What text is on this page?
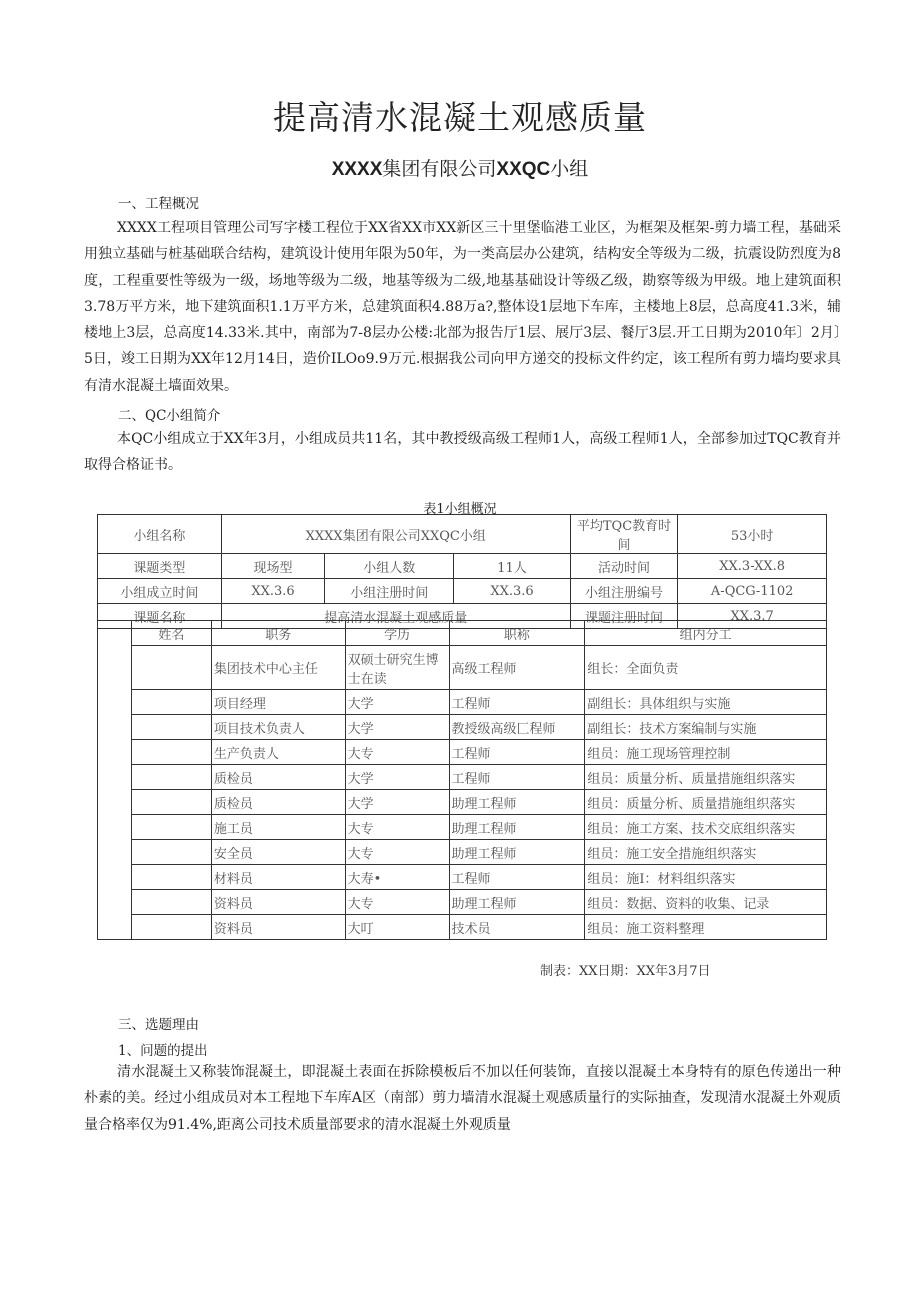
提高清水混凝土观感质量
XXXX集团有限公司XXQC小组
一、工程概况
XXXX工程项目管理公司写字楼工程位于XX省XX市XX新区三十里堡临港工业区，为框架及框架-剪力墙工程，基础采用独立基础与桩基础联合结构，建筑设计使用年限为50年，为一类高层办公建筑，结构安全等级为二级，抗震设防烈度为8度，工程重要性等级为一级，场地等级为二级，地基等级为二级,地基基础设计等级乙级，勘察等级为甲级。地上建筑面积3.78万平方米，地下建筑面积1.1万平方米，总建筑面积4.88万a?,整体设1层地下车库，主楼地上8层，总高度41.3米，辅楼地上3层，总高度14.33米.其中，南部为7-8层办公楼:北部为报告厅1层、展厅3层、餐厅3层.开工日期为2010年〕2月〕5日，竣工日期为XX年12月14日，造价ILOo9.9万元.根据我公司向甲方递交的投标文件约定，该工程所有剪力墙均要求具有清水混凝土墙面效果。
二、QC小组简介
本QC小组成立于XX年3月，小组成员共11名，其中教授级高级工程师1人，高级工程师1人，全部参加过TQC教育并取得合格证书。
表1小组概况
小组名称	XXXX集团有限公司XXQC小组			平均TQC教育时间	53小时
课题类型	现场型	小组人数	11人	活动时间	XX.3-XX.8
小组成立时间	XX.3.6	小组注册时间	XX.3.6	小组注册编号	A-QCG-1102
课题名称	提高清水混凝土观感质量			课题注册时间	XX.3.7
	姓名	职务	学历	职称	组内分工
		集团技术中心主任	双硕士研究生博士在读	高级工程师	组长：全面负责
		项目经理	大学	工程师	副组长：具体组织与实施
		项目技术负责人	大学	教授级高级匚程师	副组长：技术方案编制与实施
		生产负责人	大专	工程师	组员：施工现场管理控制
		质检员	大学	工程师	组员：质量分析、质量措施组织落实
		质检员	大学	助理工程师	组员：质量分析、质量措施组织落实
		施工员	大专	助理工程师	组员：施工方案、技术交底组织落实
		安全员	大专	助理工程师	组员：施工安全措施组织落实
		材料员	大寿•	工程师	组员：施I：材料组织落实
		资料员	大专	助理工程师	组员：数据、资料的收集、记录
		资料员	大叮	技术员	组员：施工资料整理
制表：XX日期：XX年3月7日
三、选题理由
1、问题的提出
清水混凝土又称装饰混凝土，即混凝土表面在拆除模板后不加以任何装饰，直接以混凝土本身特有的原色传递出一种朴素的美。经过小组成员对本工程地下车库A区（南部）剪力墙清水混凝土观感质量行的实际抽查，发现清水混凝土外观质量合格率仅为91.4%,距离公司技术质量部要求的清水混凝土外观质量
